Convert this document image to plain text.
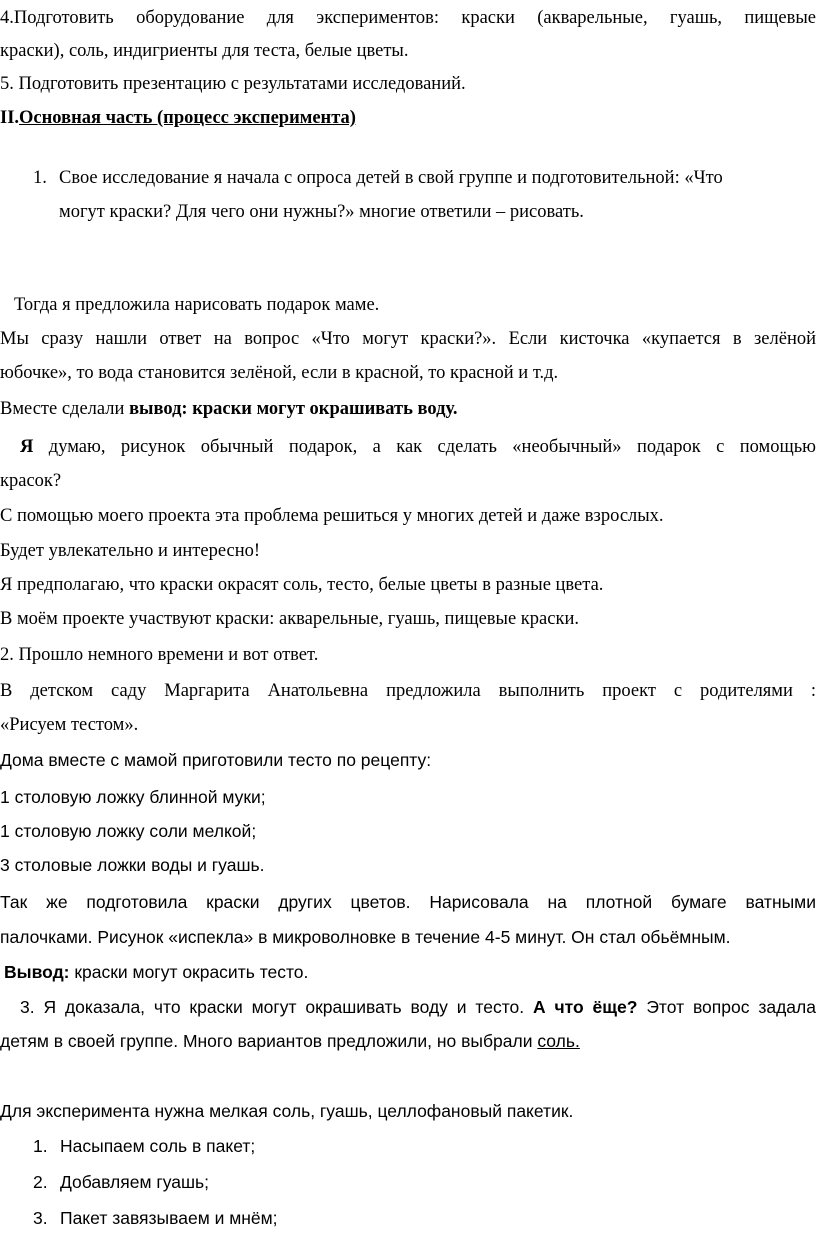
4.Подготовить оборудование для экспериментов: краски (акварельные, гуашь, пищевые
краски), соль, индигриенты для теста, белые цветы.
5. Подготовить презентацию с результатами исследований.
II.Основная часть (процесс эксперимента)
1. Свое исследование я начала с опроса детей в свой группе и подготовительной: «Что
могут краски? Для чего они нужны?» многие ответили – рисовать.
Тогда я предложила нарисовать подарок маме.
Мы сразу нашли ответ на вопрос «Что могут краски?». Если кисточка «купается в зелёной
юбочке», то вода становится зелёной, если в красной, то красной и т.д.
Вместе сделали вывод: краски могут окрашивать воду.
Я думаю, рисунок обычный подарок, а как сделать «необычный» подарок с помощью
красок?
С помощью моего проекта эта проблема решиться у многих детей и даже взрослых.
Будет увлекательно и интересно!
Я предполагаю, что краски окрасят соль, тесто, белые цветы в разные цвета.
В моём проекте участвуют краски: акварельные, гуашь, пищевые краски.
2. Прошло немного времени и вот ответ.
В детском саду Маргарита Анатольевна предложила выполнить проект с родителями :
«Рисуем тестом».
Дома вместе с мамой приготовили тесто по рецепту:
1 столовую ложку блинной муки;
1 столовую ложку соли мелкой;
3 столовые ложки воды и гуашь.
Так же подготовила краски других цветов. Нарисовала на плотной бумаге ватными
палочками. Рисунок «испекла» в микроволновке в течение 4-5 минут. Он стал обьёмным.
Вывод: краски могут окрасить тесто.
3. Я доказала, что краски могут окрашивать воду и тесто. А что ёще? Этот вопрос задала
детям в своей группе. Много вариантов предложили, но выбрали соль.
Для эксперимента нужна мелкая соль, гуашь, целлофановый пакетик.
1. Насыпаем соль в пакет;
2. Добавляем гуашь;
3. Пакет завязываем и мнём;
